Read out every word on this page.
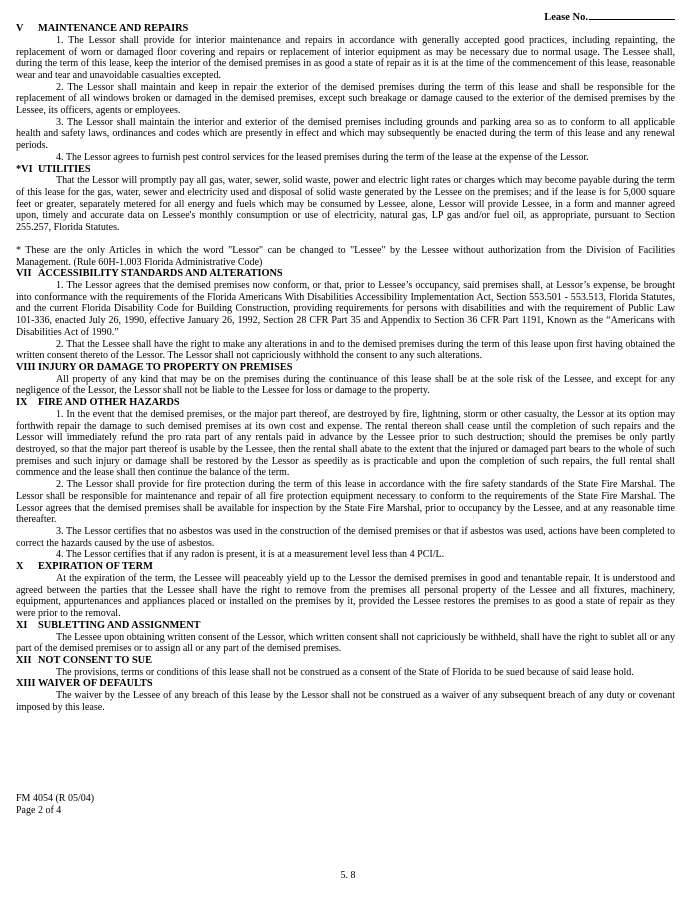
Lease No.
V MAINTENANCE AND REPAIRS

1. The Lessor shall provide for interior maintenance and repairs in accordance with generally accepted good practices, including repainting, the replacement of worn or damaged floor covering and repairs or replacement of interior equipment as may be necessary due to normal usage. The Lessee shall, during the term of this lease, keep the interior of the demised premises in as good a state of repair as it is at the time of the commencement of this lease, reasonable wear and tear and unavoidable casualties excepted.

2. The Lessor shall maintain and keep in repair the exterior of the demised premises during the term of this lease and shall be responsible for the replacement of all windows broken or damaged in the demised premises, except such breakage or damage caused to the exterior of the demised premises by the Lessee, its officers, agents or employees.

3. The Lessor shall maintain the interior and exterior of the demised premises including grounds and parking area so as to conform to all applicable health and safety laws, ordinances and codes which are presently in effect and which may subsequently be enacted during the term of this lease and any renewal periods.

4. The Lessor agrees to furnish pest control services for the leased premises during the term of the lease at the expense of the Lessor.

*VI UTILITIES

That the Lessor will promptly pay all gas, water, sewer, solid waste, power and electric light rates or charges which may become payable during the term of this lease for the gas, water, sewer and electricity used and disposal of solid waste generated by the Lessee on the premises; and if the lease is for 5,000 square feet or greater, separately metered for all energy and fuels which may be consumed by Lessee, alone, Lessor will provide Lessee, in a form and manner agreed upon, timely and accurate data on Lessee's monthly consumption or use of electricity, natural gas, LP gas and/or fuel oil, as appropriate, pursuant to Section 255.257, Florida Statutes.

* These are the only Articles in which the word "Lessor" can be changed to "Lessee" by the Lessee without authorization from the Division of Facilities Management. (Rule 60H-1.003 Florida Administrative Code)

VII ACCESSIBILITY STANDARDS AND ALTERATIONS

1. The Lessor agrees that the demised premises now conform, or that, prior to Lessee’s occupancy, said premises shall, at Lessor’s expense, be brought into conformance with the requirements of the Florida Americans With Disabilities Accessibility Implementation Act, Section 553.501 - 553.513, Florida Statutes, and the current Florida Disability Code for Building Construction, providing requirements for persons with disabilities and with the requirement of Public Law 101-336, enacted July 26, 1990, effective January 26, 1992, Section 28 CFR Part 35 and Appendix to Section 36 CFR Part 1191, Known as the “Americans with Disabilities Act of 1990.”

2. That the Lessee shall have the right to make any alterations in and to the demised premises during the term of this lease upon first having obtained the written consent thereto of the Lessor. The Lessor shall not capriciously withhold the consent to any such alterations.

VIII INJURY OR DAMAGE TO PROPERTY ON PREMISES

All property of any kind that may be on the premises during the continuance of this lease shall be at the sole risk of the Lessee, and except for any negligence of the Lessor, the Lessor shall not be liable to the Lessee for loss or damage to the property.

IX FIRE AND OTHER HAZARDS

1. In the event that the demised premises, or the major part thereof, are destroyed by fire, lightning, storm or other casualty, the Lessor at its option may forthwith repair the damage to such demised premises at its own cost and expense. The rental thereon shall cease until the completion of such repairs and the Lessor will immediately refund the pro rata part of any rentals paid in advance by the Lessee prior to such destruction; should the premises be only partly destroyed, so that the major part thereof is usable by the Lessee, then the rental shall abate to the extent that the injured or damaged part bears to the whole of such premises and such injury or damage shall be restored by the Lessor as speedily as is practicable and upon the completion of such repairs, the full rental shall commence and the lease shall then continue the balance of the term.

2. The Lessor shall provide for fire protection during the term of this lease in accordance with the fire safety standards of the State Fire Marshal. The Lessor shall be responsible for maintenance and repair of all fire protection equipment necessary to conform to the requirements of the State Fire Marshal. The Lessor agrees that the demised premises shall be available for inspection by the State Fire Marshal, prior to occupancy by the Lessee, and at any reasonable time thereafter.

3. The Lessor certifies that no asbestos was used in the construction of the demised premises or that if asbestos was used, actions have been completed to correct the hazards caused by the use of asbestos.

4. The Lessor certifies that if any radon is present, it is at a measurement level less than 4 PCI/L.

X EXPIRATION OF TERM

At the expiration of the term, the Lessee will peaceably yield up to the Lessor the demised premises in good and tenantable repair. It is understood and agreed between the parties that the Lessee shall have the right to remove from the premises all personal property of the Lessee and all fixtures, machinery, equipment, appurtenances and appliances placed or installed on the premises by it, provided the Lessee restores the premises to as good a state of repair as they were prior to the removal.

XI SUBLETTING AND ASSIGNMENT

The Lessee upon obtaining written consent of the Lessor, which written consent shall not capriciously be withheld, shall have the right to sublet all or any part of the demised premises or to assign all or any part of the demised premises.

XII NOT CONSENT TO SUE

The provisions, terms or conditions of this lease shall not be construed as a consent of the State of Florida to be sued because of said lease hold.

XIII WAIVER OF DEFAULTS

The waiver by the Lessee of any breach of this lease by the Lessor shall not be construed as a waiver of any subsequent breach of any duty or covenant imposed by this lease.

FM 4054 (R 05/04)
Page 2 of 4
5. 8
